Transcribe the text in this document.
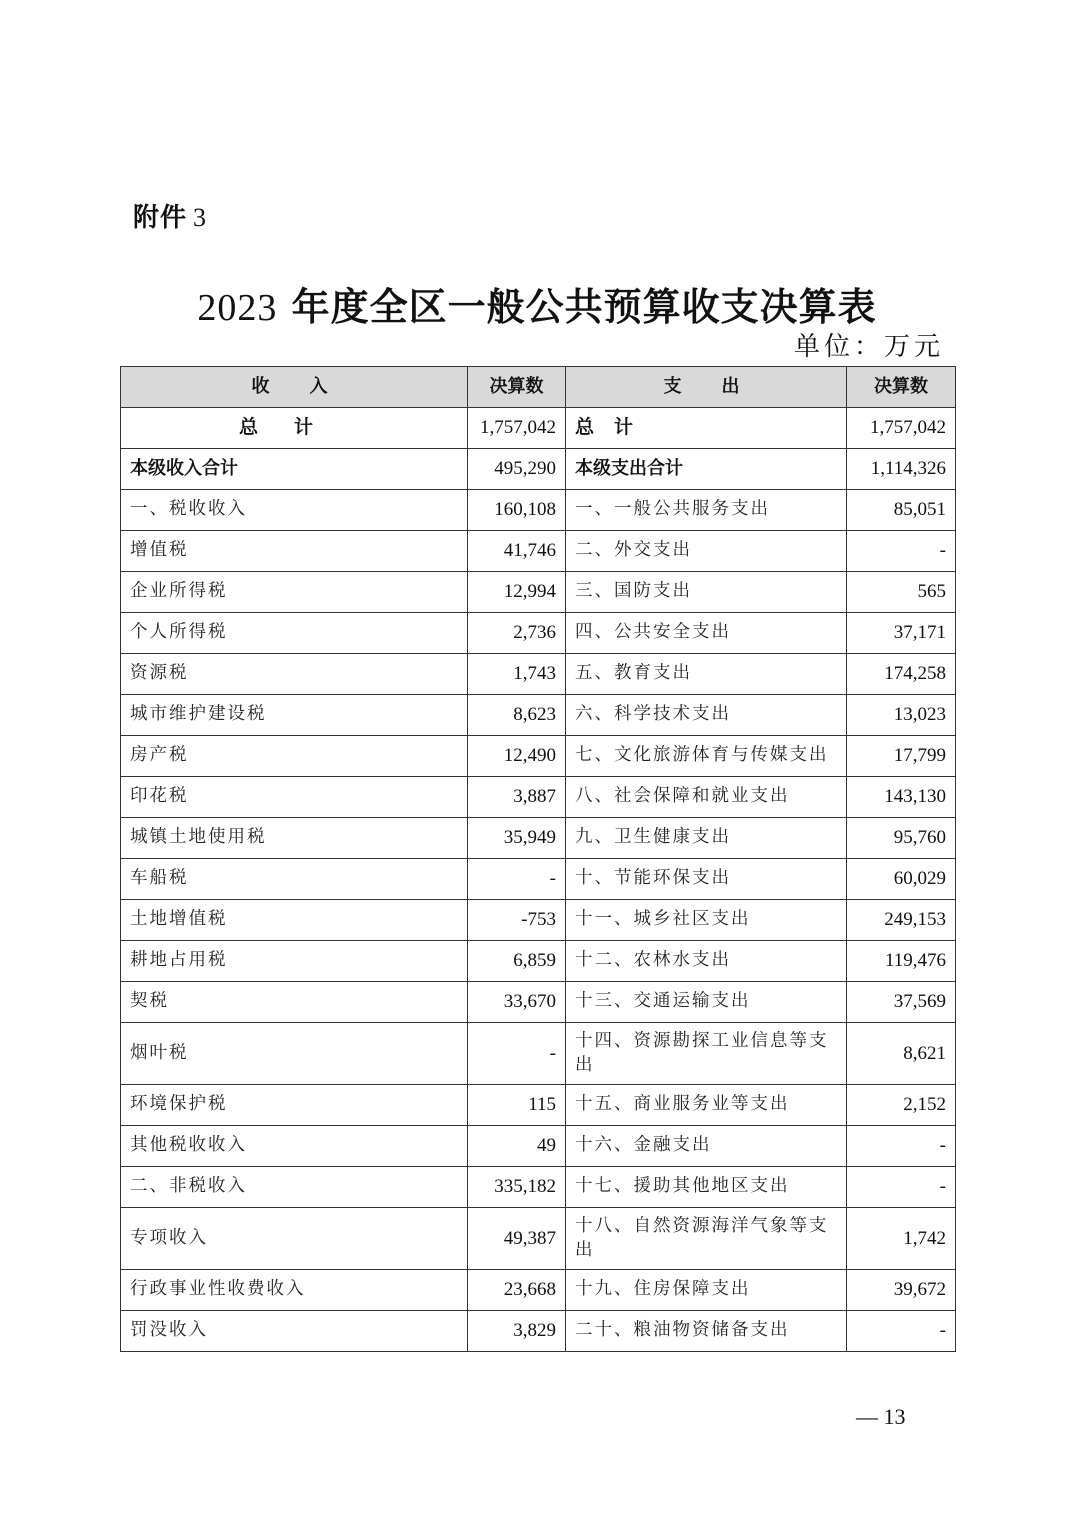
附件 3
2023 年度全区一般公共预算收支决算表
单位：万元
收入	决算数	支出	决算数
总计	1,757,042	总计	1,757,042
本级收入合计	495,290	本级支出合计	1,114,326
一、税收收入	160,108	一、一般公共服务支出	85,051
增值税	41,746	二、外交支出	-
企业所得税	12,994	三、国防支出	565
个人所得税	2,736	四、公共安全支出	37,171
资源税	1,743	五、教育支出	174,258
城市维护建设税	8,623	六、科学技术支出	13,023
房产税	12,490	七、文化旅游体育与传媒支出	17,799
印花税	3,887	八、社会保障和就业支出	143,130
城镇土地使用税	35,949	九、卫生健康支出	95,760
车船税	-	十、节能环保支出	60,029
土地增值税	-753	十一、城乡社区支出	249,153
耕地占用税	6,859	十二、农林水支出	119,476
契税	33,670	十三、交通运输支出	37,569
烟叶税	-	十四、资源勘探工业信息等支出	8,621
环境保护税	115	十五、商业服务业等支出	2,152
其他税收收入	49	十六、金融支出	-
二、非税收入	335,182	十七、援助其他地区支出	-
专项收入	49,387	十八、自然资源海洋气象等支出	1,742
行政事业性收费收入	23,668	十九、住房保障支出	39,672
罚没收入	3,829	二十、粮油物资储备支出	-
— 13
